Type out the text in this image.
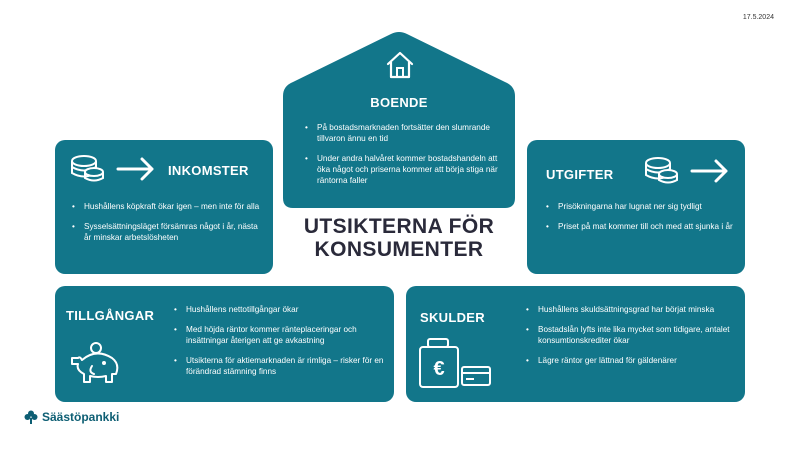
17.5.2024
BOENDE
• På bostadsmarknaden fortsätter den slumrande tillvaron ännu en tid
• Under andra halvåret kommer bostadshandeln att öka något och priserna kommer att börja stiga när räntorna faller
INKOMSTER
• Hushållens köpkraft ökar igen – men inte för alla
• Sysselsättningsläget försämras något i år, nästa år minskar arbetslösheten
UTGIFTER
• Prisökningarna har lugnat ner sig tydligt
• Priset på mat kommer till och med att sjunka i år
UTSIKTERNA FÖR
KONSUMENTER
TILLGÅNGAR
•	Hushållens nettotillgångar ökar
• Med höjda räntor kommer ränteplaceringar och insättningar återigen att ge avkastning
• Utsikterna för aktiemarknaden är rimliga – risker för en förändrad stämning finns
SKULDER
€
• Hushållens skuldsättningsgrad har börjat minska
• Bostadslån lyfts inte lika mycket som tidigare, antalet konsumtionskrediter ökar
• Lägre räntor ger lättnad för gäldenärer
Säästöpankki
